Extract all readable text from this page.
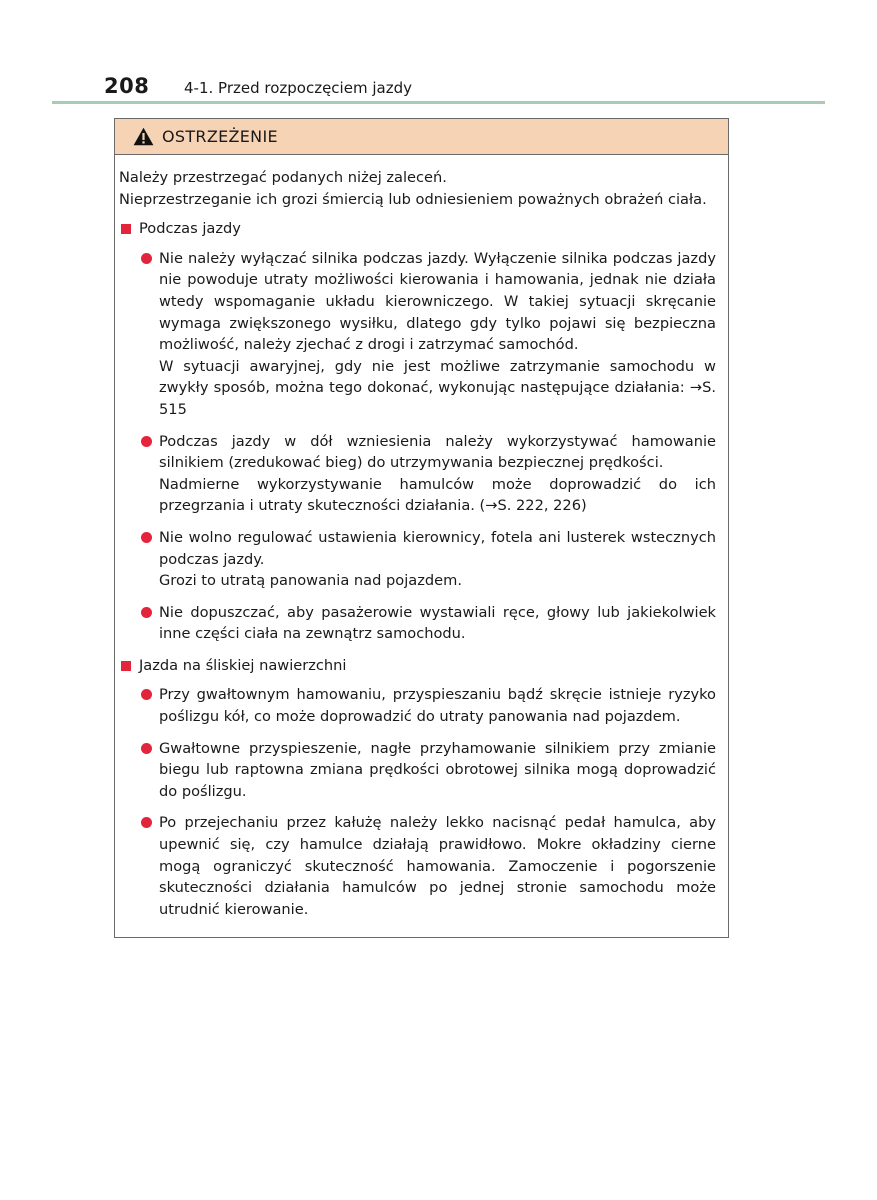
208 4-1. Przed rozpoczęciem jazdy
OSTRZEŻENIE
Należy przestrzegać podanych niżej zaleceń.
Nieprzestrzeganie ich grozi śmiercią lub odniesieniem poważnych obrażeń ciała.
Podczas jazdy

Nie należy wyłączać silnika podczas jazdy. Wyłączenie silnika podczas jazdy nie powoduje utraty możliwości kierowania i hamowania, jednak nie działa wtedy wspomaganie układu kierowniczego. W takiej sytuacji skręcanie wymaga zwiększonego wysiłku, dlatego gdy tylko pojawi się bezpieczna możliwość, należy zjechać z drogi i zatrzymać samochód.

W sytuacji awaryjnej, gdy nie jest możliwe zatrzymanie samochodu w zwykły sposób, można tego dokonać, wykonując następujące działania: →S. 515

Podczas jazdy w dół wzniesienia należy wykorzystywać hamowanie silnikiem (zredukować bieg) do utrzymywania bezpiecznej prędkości.

Nadmierne wykorzystywanie hamulców może doprowadzić do ich przegrzania i utraty skuteczności działania. (→S. 222, 226)

Nie wolno regulować ustawienia kierownicy, fotela ani lusterek wstecznych podczas jazdy.

Grozi to utratą panowania nad pojazdem.

Nie dopuszczać, aby pasażerowie wystawiali ręce, głowy lub jakiekolwiek inne części ciała na zewnątrz samochodu.

Jazda na śliskiej nawierzchni

Przy gwałtownym hamowaniu, przyspieszaniu bądź skręcie istnieje ryzyko poślizgu kół, co może doprowadzić do utraty panowania nad pojazdem.

Gwałtowne przyspieszenie, nagłe przyhamowanie silnikiem przy zmianie biegu lub raptowna zmiana prędkości obrotowej silnika mogą doprowadzić do poślizgu.

Po przejechaniu przez kałużę należy lekko nacisnąć pedał hamulca, aby upewnić się, czy hamulce działają prawidłowo. Mokre okładziny cierne mogą ograniczyć skuteczność hamowania. Zamoczenie i pogorszenie skuteczności działania hamulców po jednej stronie samochodu może utrudnić kierowanie.
